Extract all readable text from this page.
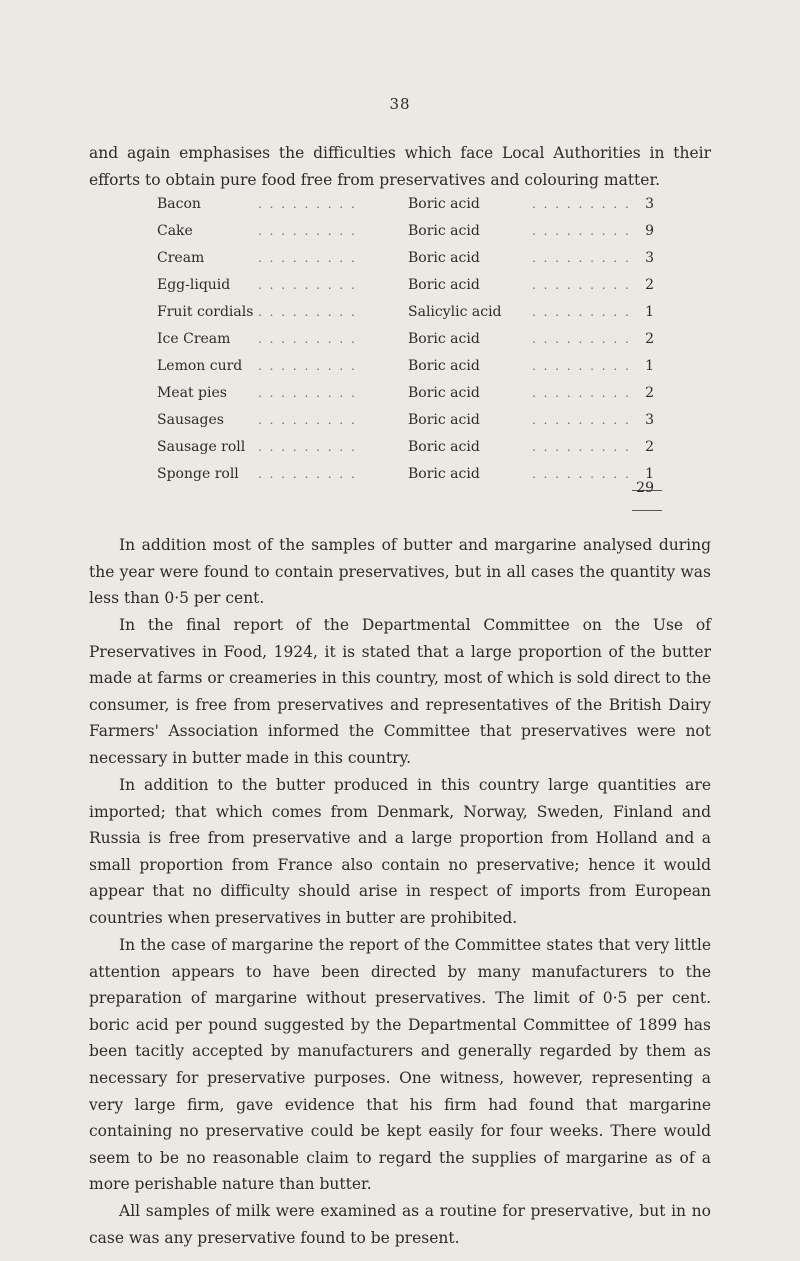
38

and again emphasises the difficulties which face Local Authorities in their efforts to obtain pure food free from preservatives and colouring matter.

Bacon	. . . . . . . . .	Boric acid	. . . . . . . . . 3
Cake	. . . . . . . . .	Boric acid	. . . . . . . . . 9
Cream	. . . . . . . . .	Boric acid	. . . . . . . . . 3
Egg-liquid . . . . . . . . .	Boric acid	. . . . . . . . . 2
Fruit cordials . . . . . . . . .	Salicylic acid	. . . . . . . . . 1
Ice Cream . . . . . . . . .	Boric acid	. . . . . . . . . 2
Lemon curd . . . . . . . . .	Boric acid	. . . . . . . . . 1
Meat pies	. . . . . . . . .	Boric acid	. . . . . . . . . 2
Sausages	. . . . . . . . .	Boric acid	. . . . . . . . . 3
Sausage roll . . . . . . . . .	Boric acid	. . . . . . . . . 2
Sponge roll . . . . . . . . .	Boric acid	. . . . . . . . . 1
29

In addition most of the samples of butter and margarine analysed during the year were found to contain preservatives, but in all cases the quantity was less than 0·5 per cent.

In the final report of the Departmental Committee on the Use of Preservatives in Food, 1924, it is stated that a large proportion of the butter made at farms or creameries in this country, most of which is sold direct to the consumer, is free from preservatives and representatives of the British Dairy Farmers' Association informed the Committee that preservatives were not necessary in butter made in this country.

In addition to the butter produced in this country large quantities are imported; that which comes from Denmark, Norway, Sweden, Finland and Russia is free from preservative and a large proportion from Holland and a small proportion from France also contain no preservative; hence it would appear that no difficulty should arise in respect of imports from European countries when preservatives in butter are prohibited.

In the case of margarine the report of the Committee states that very little attention appears to have been directed by many manufacturers to the preparation of margarine without preservatives. The limit of 0·5 per cent. boric acid per pound suggested by the Departmental Committee of 1899 has been tacitly accepted by manufacturers and generally regarded by them as necessary for preservative purposes. One witness, however, representing a very large firm, gave evidence that his firm had found that margarine containing no preservative could be kept easily for four weeks. There would seem to be no reasonable claim to regard the supplies of margarine as of a more perishable nature than butter.

All samples of milk were examined as a routine for preservative, but in no case was any preservative found to be present.
